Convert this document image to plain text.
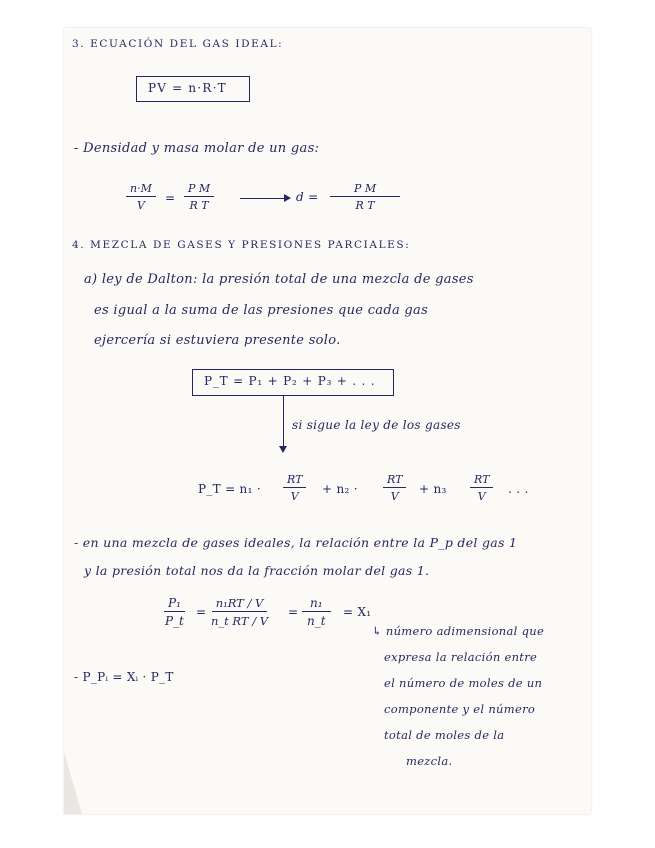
3. ECUACIÓN DEL GAS IDEAL:
PV = n·R·T
- Densidad y masa molar de un gas:
$\frac{n\cdot M}{V} = \frac{\text{P M}}{\text{R T}}$	$d = \frac{\text{P M}}{\text{R T}}$
4. MEZCLA DE GASES Y PRESIONES PARCIALES:
a) ley de Dalton: la presión total de una mezcla de gases
es igual a la suma de las presiones que cada gas
ejercería si estuviera presente solo.
P_T = P₁ + P₂ + P₃ + . . .
si sigue la ley de los gases
P_T = $n_1 \cdot \frac{RT}{V} + n_2 \cdot \frac{RT}{V} + n_3 \frac{RT}{V}$ . . .
- en una mezcla de gases ideales, la relación entre la P_p del gas 1
y la presión total nos da la fracción molar del gas 1.
$\frac{\text{P₁}}{P\_t} = \frac{\text{n₁RT / V}}{\text{n\_t RT / V}} = \frac{\text{n₁}}{n\_t} = X_1$
- P_Pᵢ = Xᵢ · P_T
↳ número adimensional que
expresa la relación entre
el número de moles de un
componente y el número
total de moles de la
mezcla.
